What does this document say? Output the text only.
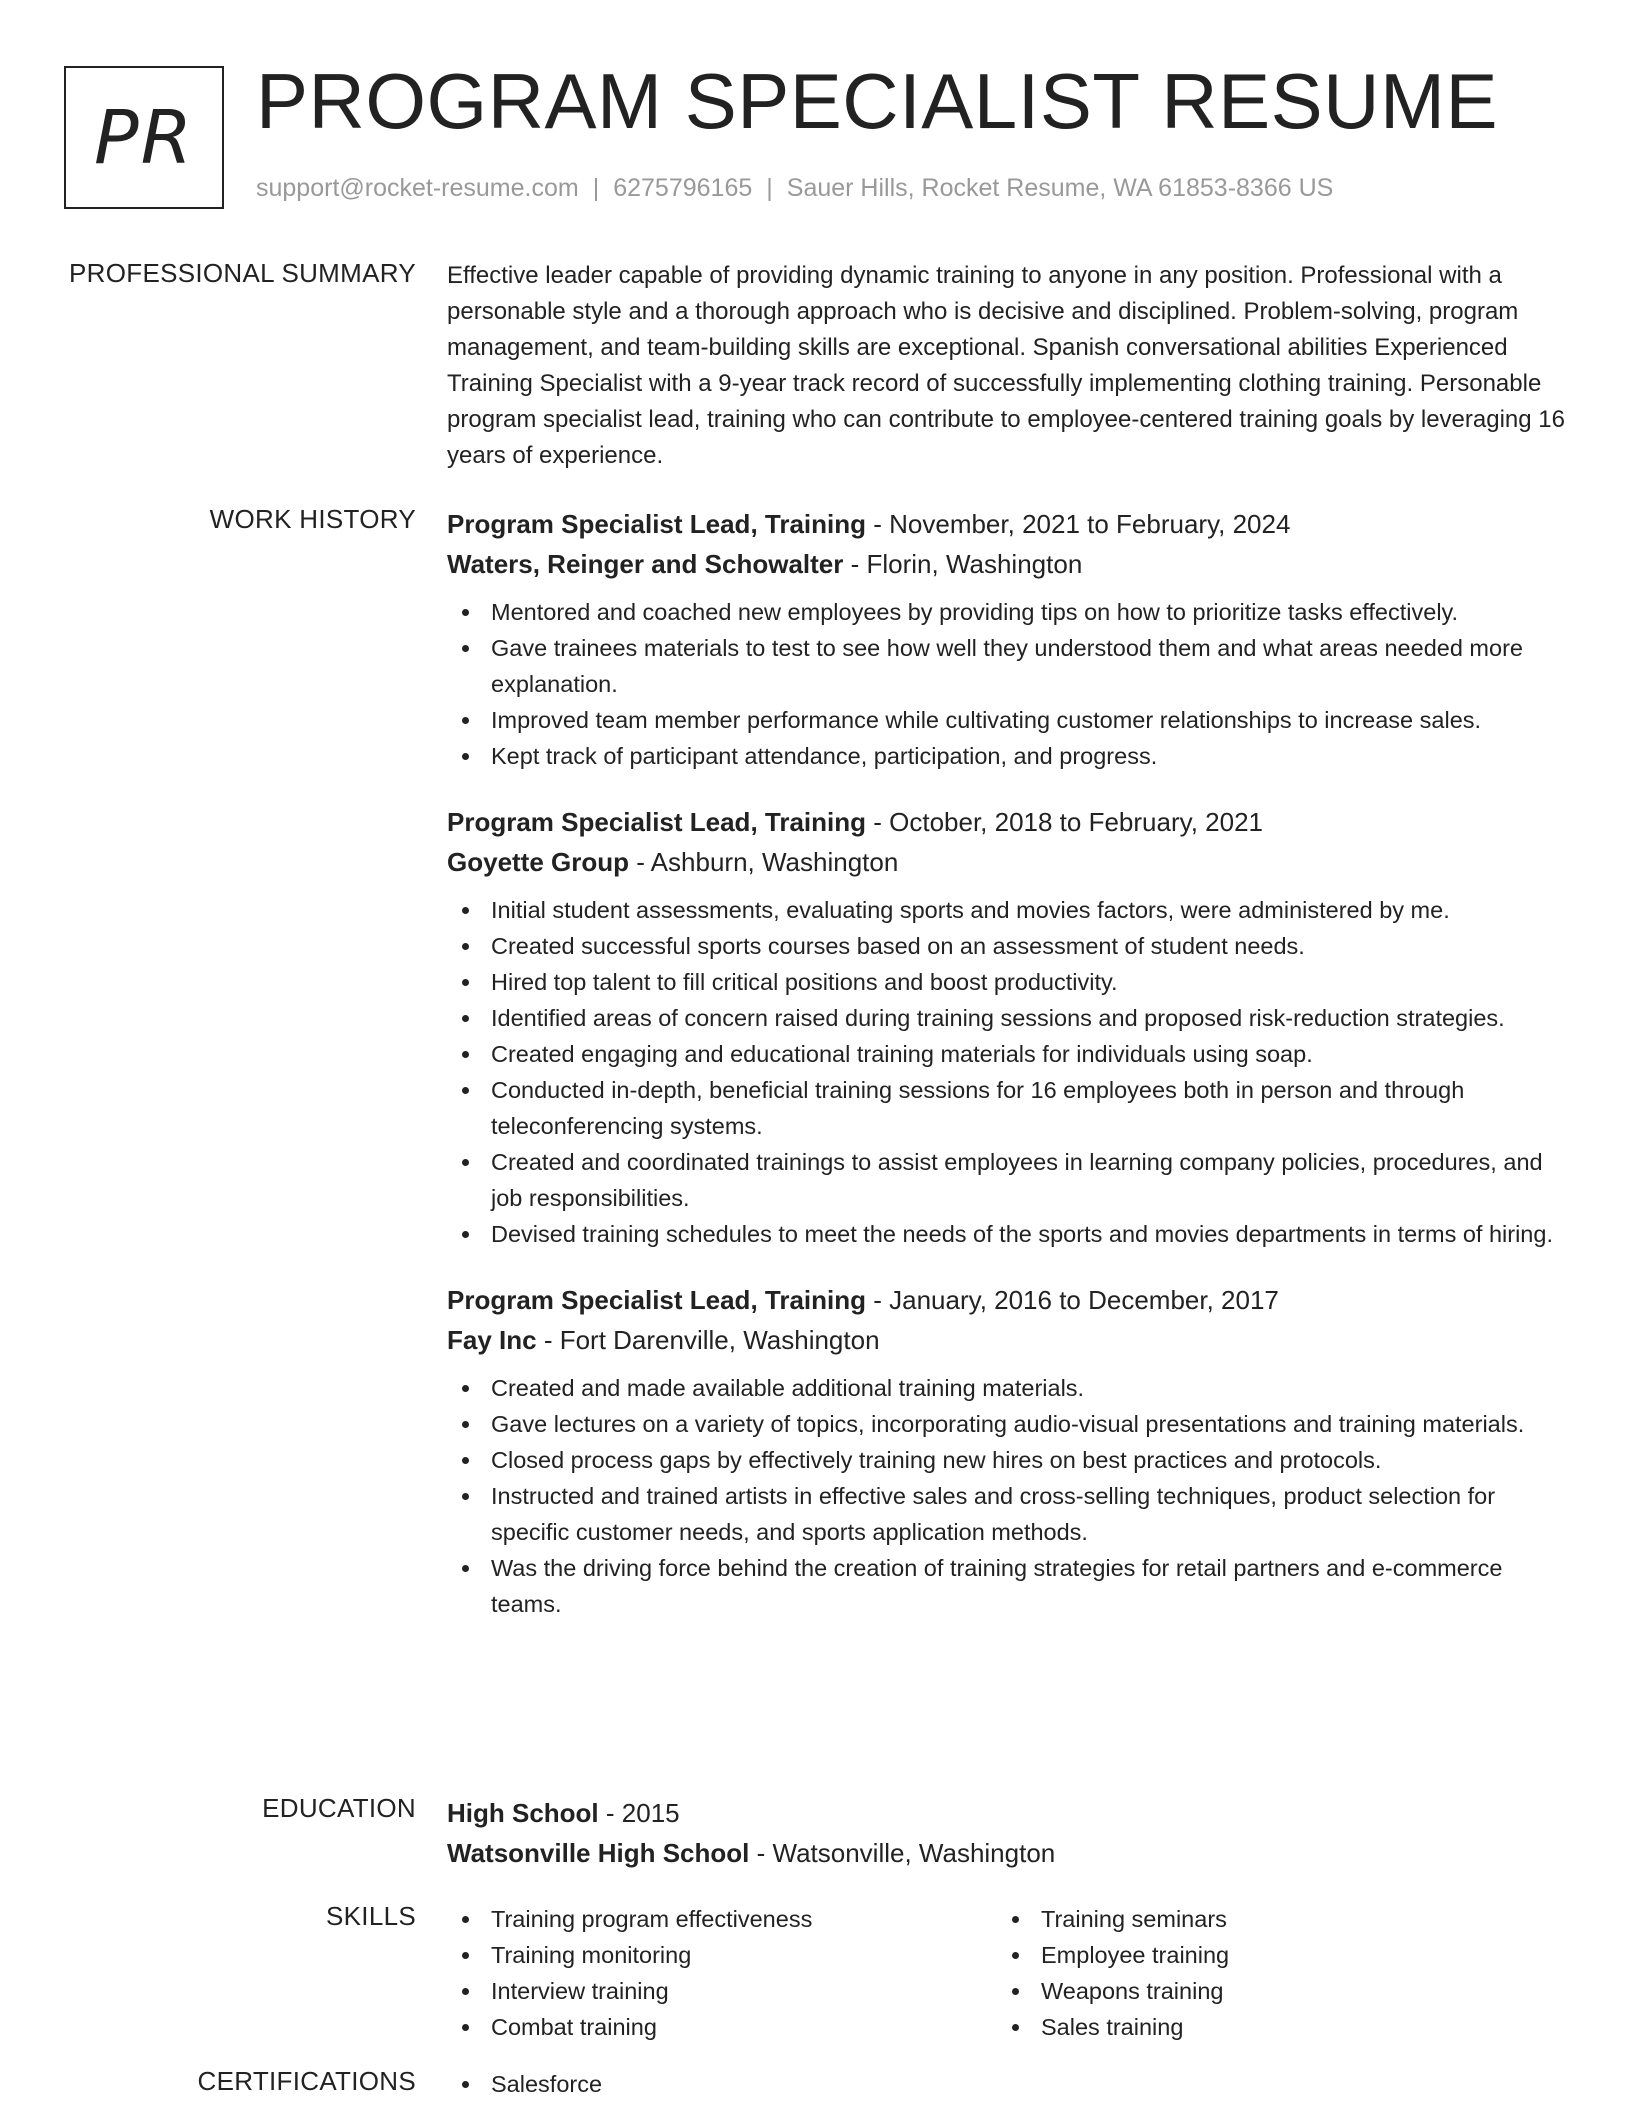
PR PROGRAM SPECIALIST RESUME
support@rocket-resume.com | 6275796165 | Sauer Hills, Rocket Resume, WA 61853-8366 US
PROFESSIONAL SUMMARY Effective leader capable of providing dynamic training to anyone in any position. Professional with a personable style and a thorough approach who is decisive and disciplined. Problem-solving, program management, and team-building skills are exceptional. Spanish conversational abilities Experienced Training Specialist with a 9-year track record of successfully implementing clothing training. Personable program specialist lead, training who can contribute to employee-centered training goals by leveraging 16 years of experience.
WORK HISTORY Program Specialist Lead, Training - November, 2021 to February, 2024
Waters, Reinger and Schowalter - Florin, Washington
Mentored and coached new employees by providing tips on how to prioritize tasks effectively.
Gave trainees materials to test to see how well they understood them and what areas needed more explanation.
Improved team member performance while cultivating customer relationships to increase sales.
Kept track of participant attendance, participation, and progress.
Program Specialist Lead, Training - October, 2018 to February, 2021
Goyette Group - Ashburn, Washington
Initial student assessments, evaluating sports and movies factors, were administered by me.
Created successful sports courses based on an assessment of student needs.
Hired top talent to fill critical positions and boost productivity.
Identified areas of concern raised during training sessions and proposed risk-reduction strategies.
Created engaging and educational training materials for individuals using soap.
Conducted in-depth, beneficial training sessions for 16 employees both in person and through teleconferencing systems.
Created and coordinated trainings to assist employees in learning company policies, procedures, and job responsibilities.
Devised training schedules to meet the needs of the sports and movies departments in terms of hiring.
Program Specialist Lead, Training - January, 2016 to December, 2017
Fay Inc - Fort Darenville, Washington
Created and made available additional training materials.
Gave lectures on a variety of topics, incorporating audio-visual presentations and training materials.
Closed process gaps by effectively training new hires on best practices and protocols.
Instructed and trained artists in effective sales and cross-selling techniques, product selection for specific customer needs, and sports application methods.
Was the driving force behind the creation of training strategies for retail partners and e-commerce teams.
EDUCATION High School - 2015
Watsonville High School - Watsonville, Washington
SKILLS	Training program effectiveness
Training monitoring
Interview training
Combat training
Training seminars
Employee training
Weapons training
Sales training
CERTIFICATIONS	Salesforce
